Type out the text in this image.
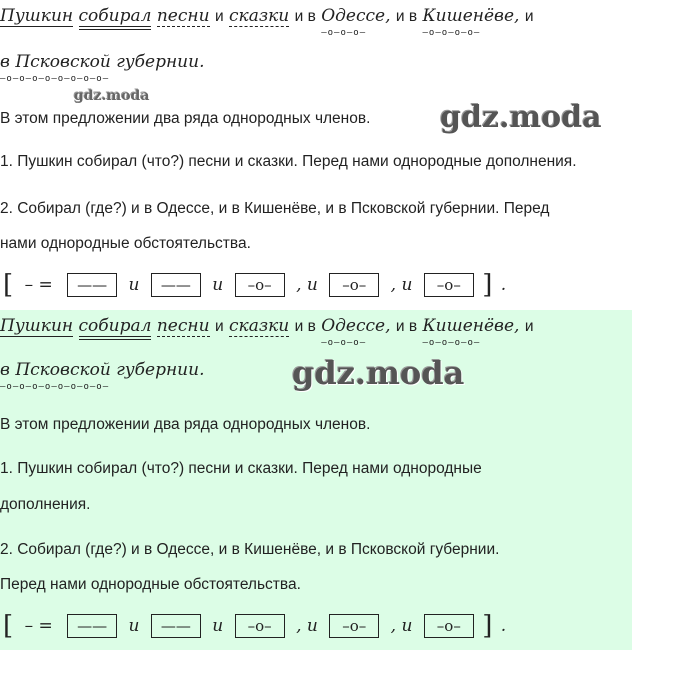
Пушкин собирал песни и сказки и в Одессе,
–о–о–о–
и в Кишенёве,
–о–о–о–о–
и
в Псковской губернии.
–о–о–о–о–о–о–о–о–
gdz.moda
В этом предложении два ряда однородных членов. gdz.moda
1. Пушкин собирал (что?) песни и сказки. Перед нами однородные дополнения.
2. Собирал (где?) и в Одессе, и в Кишенёве, и в Псковской губернии. Перед
нами однородные обстоятельства.
[ – = —— и —— и –о– , и –о– , и –о– ] .
Пушкин собирал песни и сказки и в Одессе,
–о–о–о–
и в Кишенёве,
–о–о–о–о–
и
в Псковской губернии.
–о–о–о–о–о–о–о–о–	gdz.moda
В этом предложении два ряда однородных членов.
1. Пушкин собирал (что?) песни и сказки. Перед нами однородные
дополнения.
2. Собирал (где?) и в Одессе, и в Кишенёве, и в Псковской губернии.
Перед нами однородные обстоятельства.
[ – = —— и —— и –о– , и –о– , и –о– ] .
